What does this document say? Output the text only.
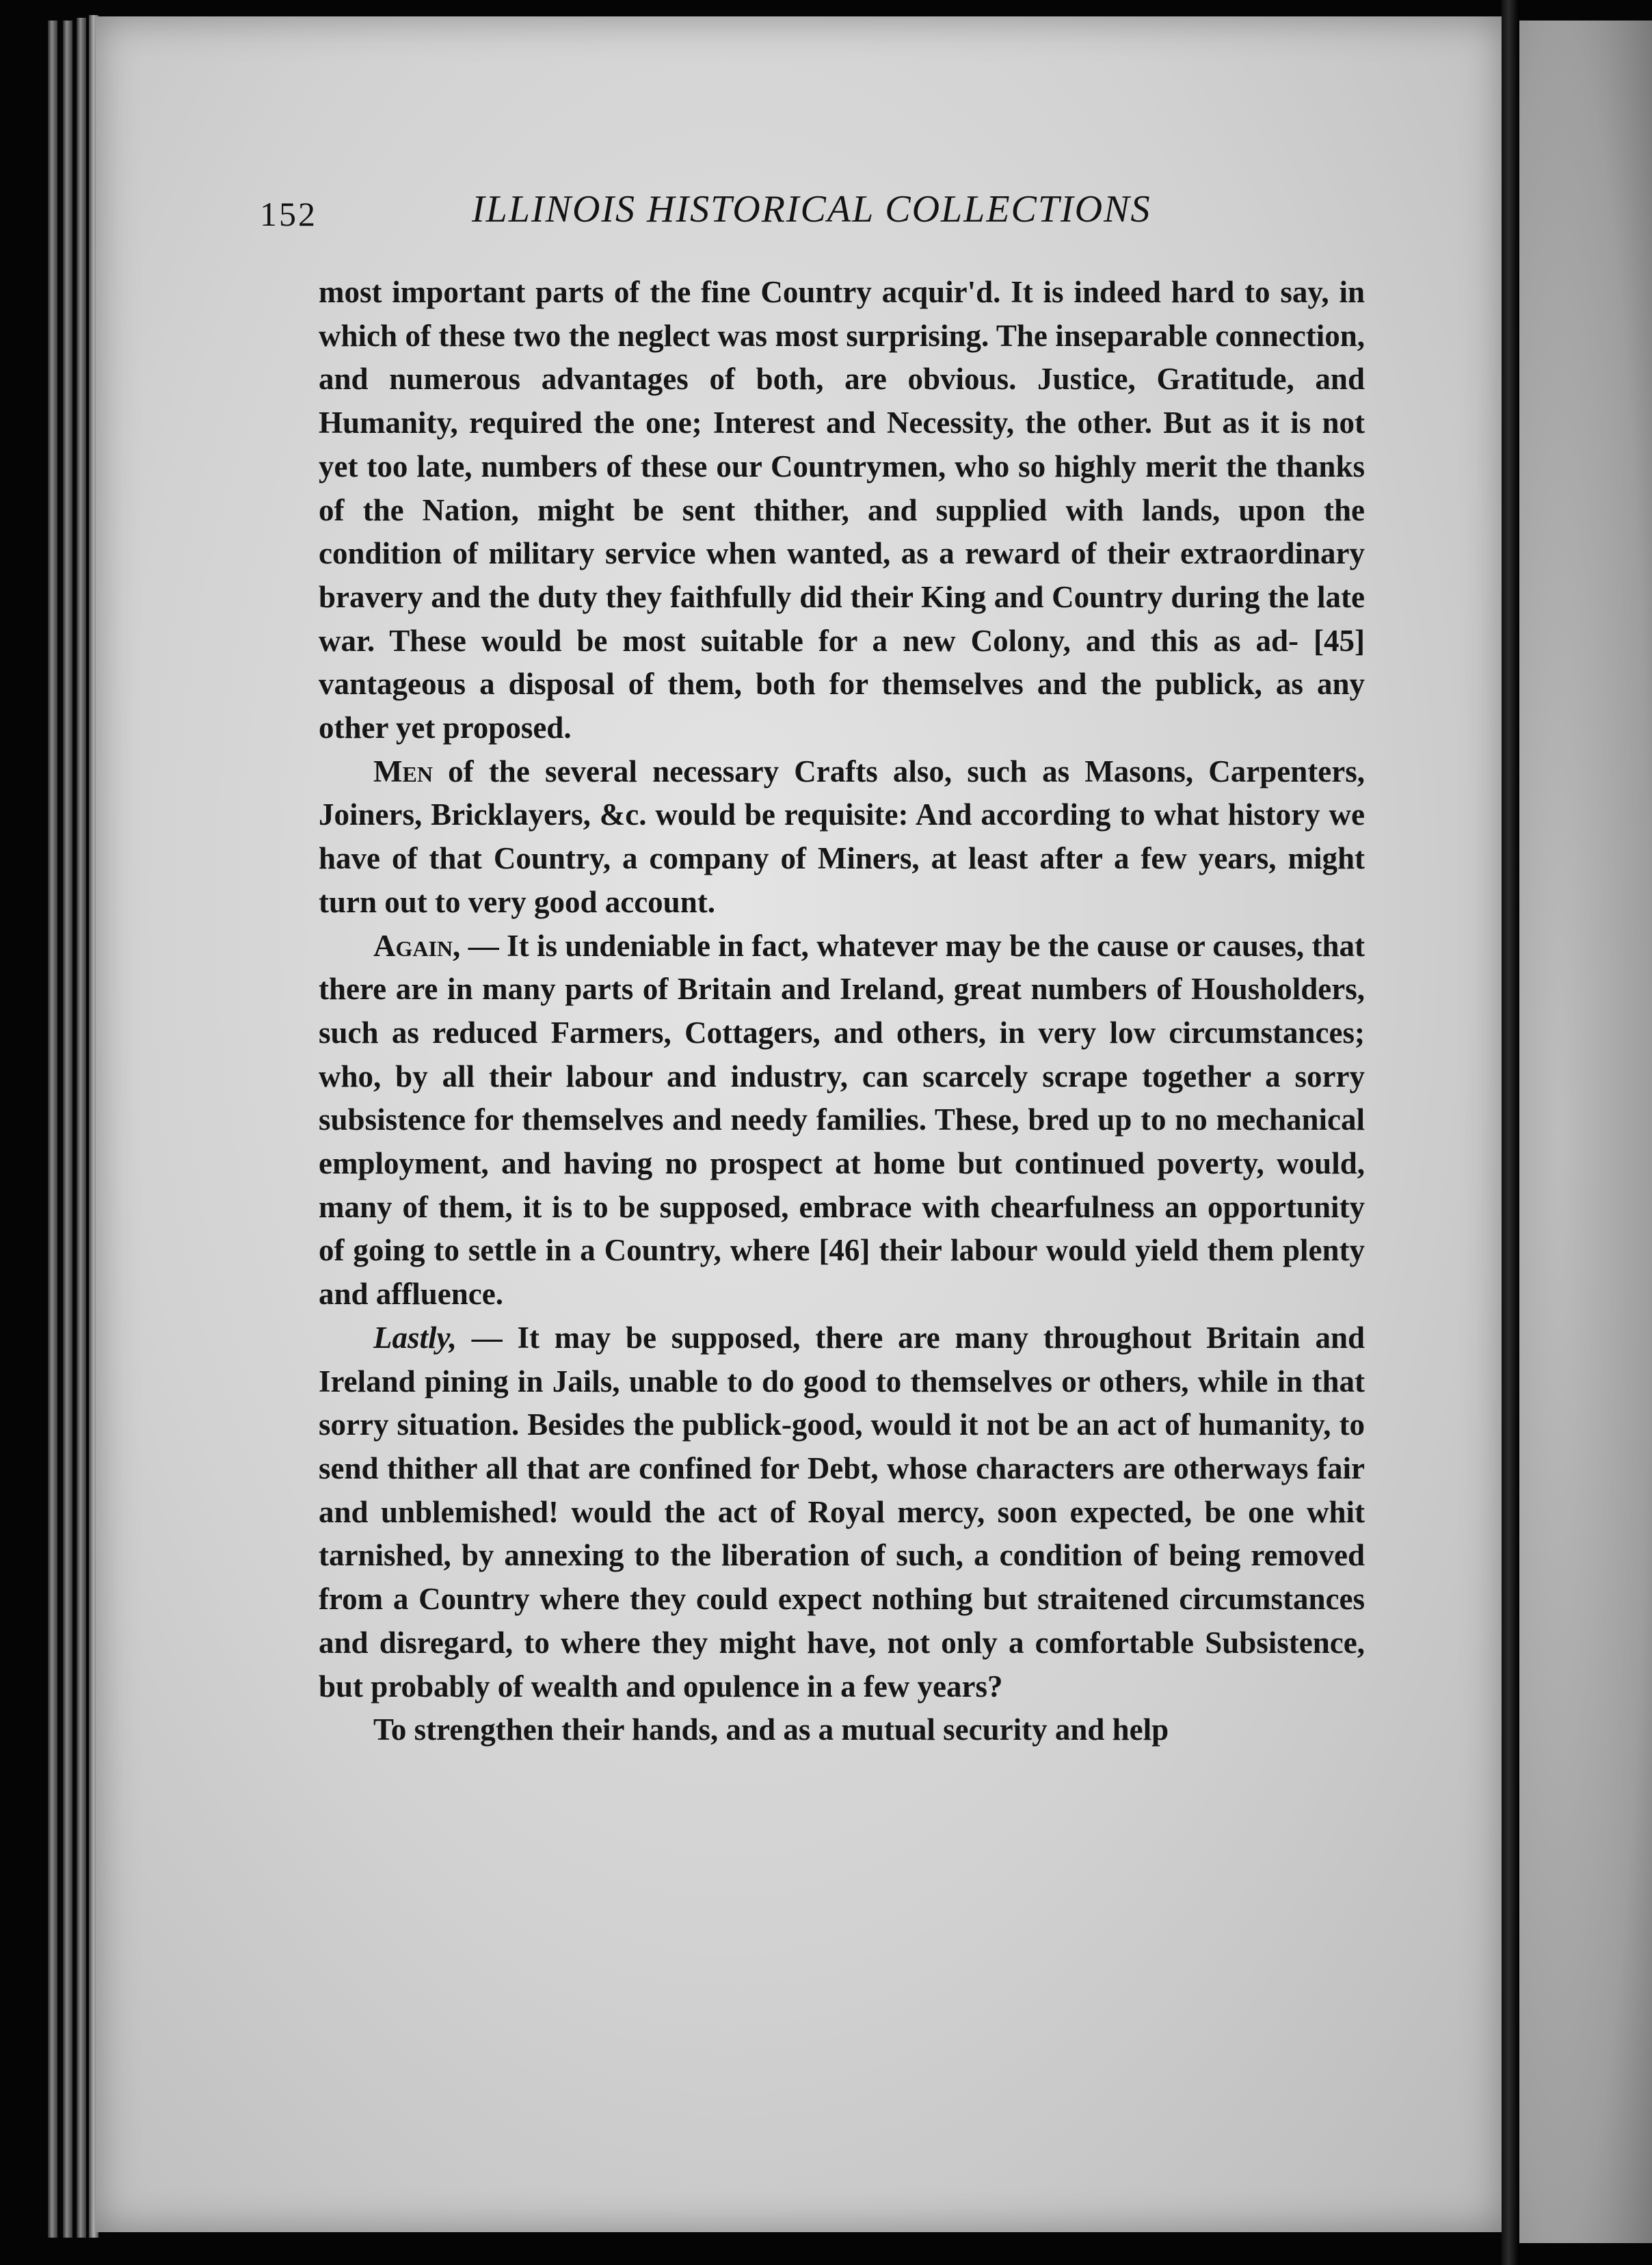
152	ILLINOIS HISTORICAL COLLECTIONS

most important parts of the fine Country acquir'd. It is indeed hard to say, in which of these two the neglect was most surprising. The inseparable connection, and numerous advantages of both, are obvious. Justice, Gratitude, and Humanity, required the one; Interest and Necessity, the other. But as it is not yet too late, numbers of these our Countrymen, who so highly merit the thanks of the Nation, might be sent thither, and supplied with lands, upon the condition of military service when wanted, as a reward of their extraordinary bravery and the duty they faithfully did their King and Country during the late war. These would be most suitable for a new Colony, and this as ad- [45] vantageous a disposal of them, both for themselves and the publick, as any other yet proposed.

Men of the several necessary Crafts also, such as Masons, Carpenters, Joiners, Bricklayers, &c. would be requisite: And according to what history we have of that Country, a company of Miners, at least after a few years, might turn out to very good account.

Again, — It is undeniable in fact, whatever may be the cause or causes, that there are in many parts of Britain and Ireland, great numbers of Housholders, such as reduced Farmers, Cottagers, and others, in very low circumstances; who, by all their labour and industry, can scarcely scrape together a sorry subsistence for themselves and needy families. These, bred up to no mechanical employment, and having no prospect at home but continued poverty, would, many of them, it is to be supposed, embrace with chearfulness an opportunity of going to settle in a Country, where [46] their labour would yield them plenty and affluence.

Lastly, — It may be supposed, there are many throughout Britain and Ireland pining in Jails, unable to do good to themselves or others, while in that sorry situation. Besides the publick-good, would it not be an act of humanity, to send thither all that are confined for Debt, whose characters are otherways fair and unblemished! would the act of Royal mercy, soon expected, be one whit tarnished, by annexing to the liberation of such, a condition of being removed from a Country where they could expect nothing but straitened circumstances and disregard, to where they might have, not only a comfortable Subsistence, but probably of wealth and opulence in a few years?

To strengthen their hands, and as a mutual security and help
